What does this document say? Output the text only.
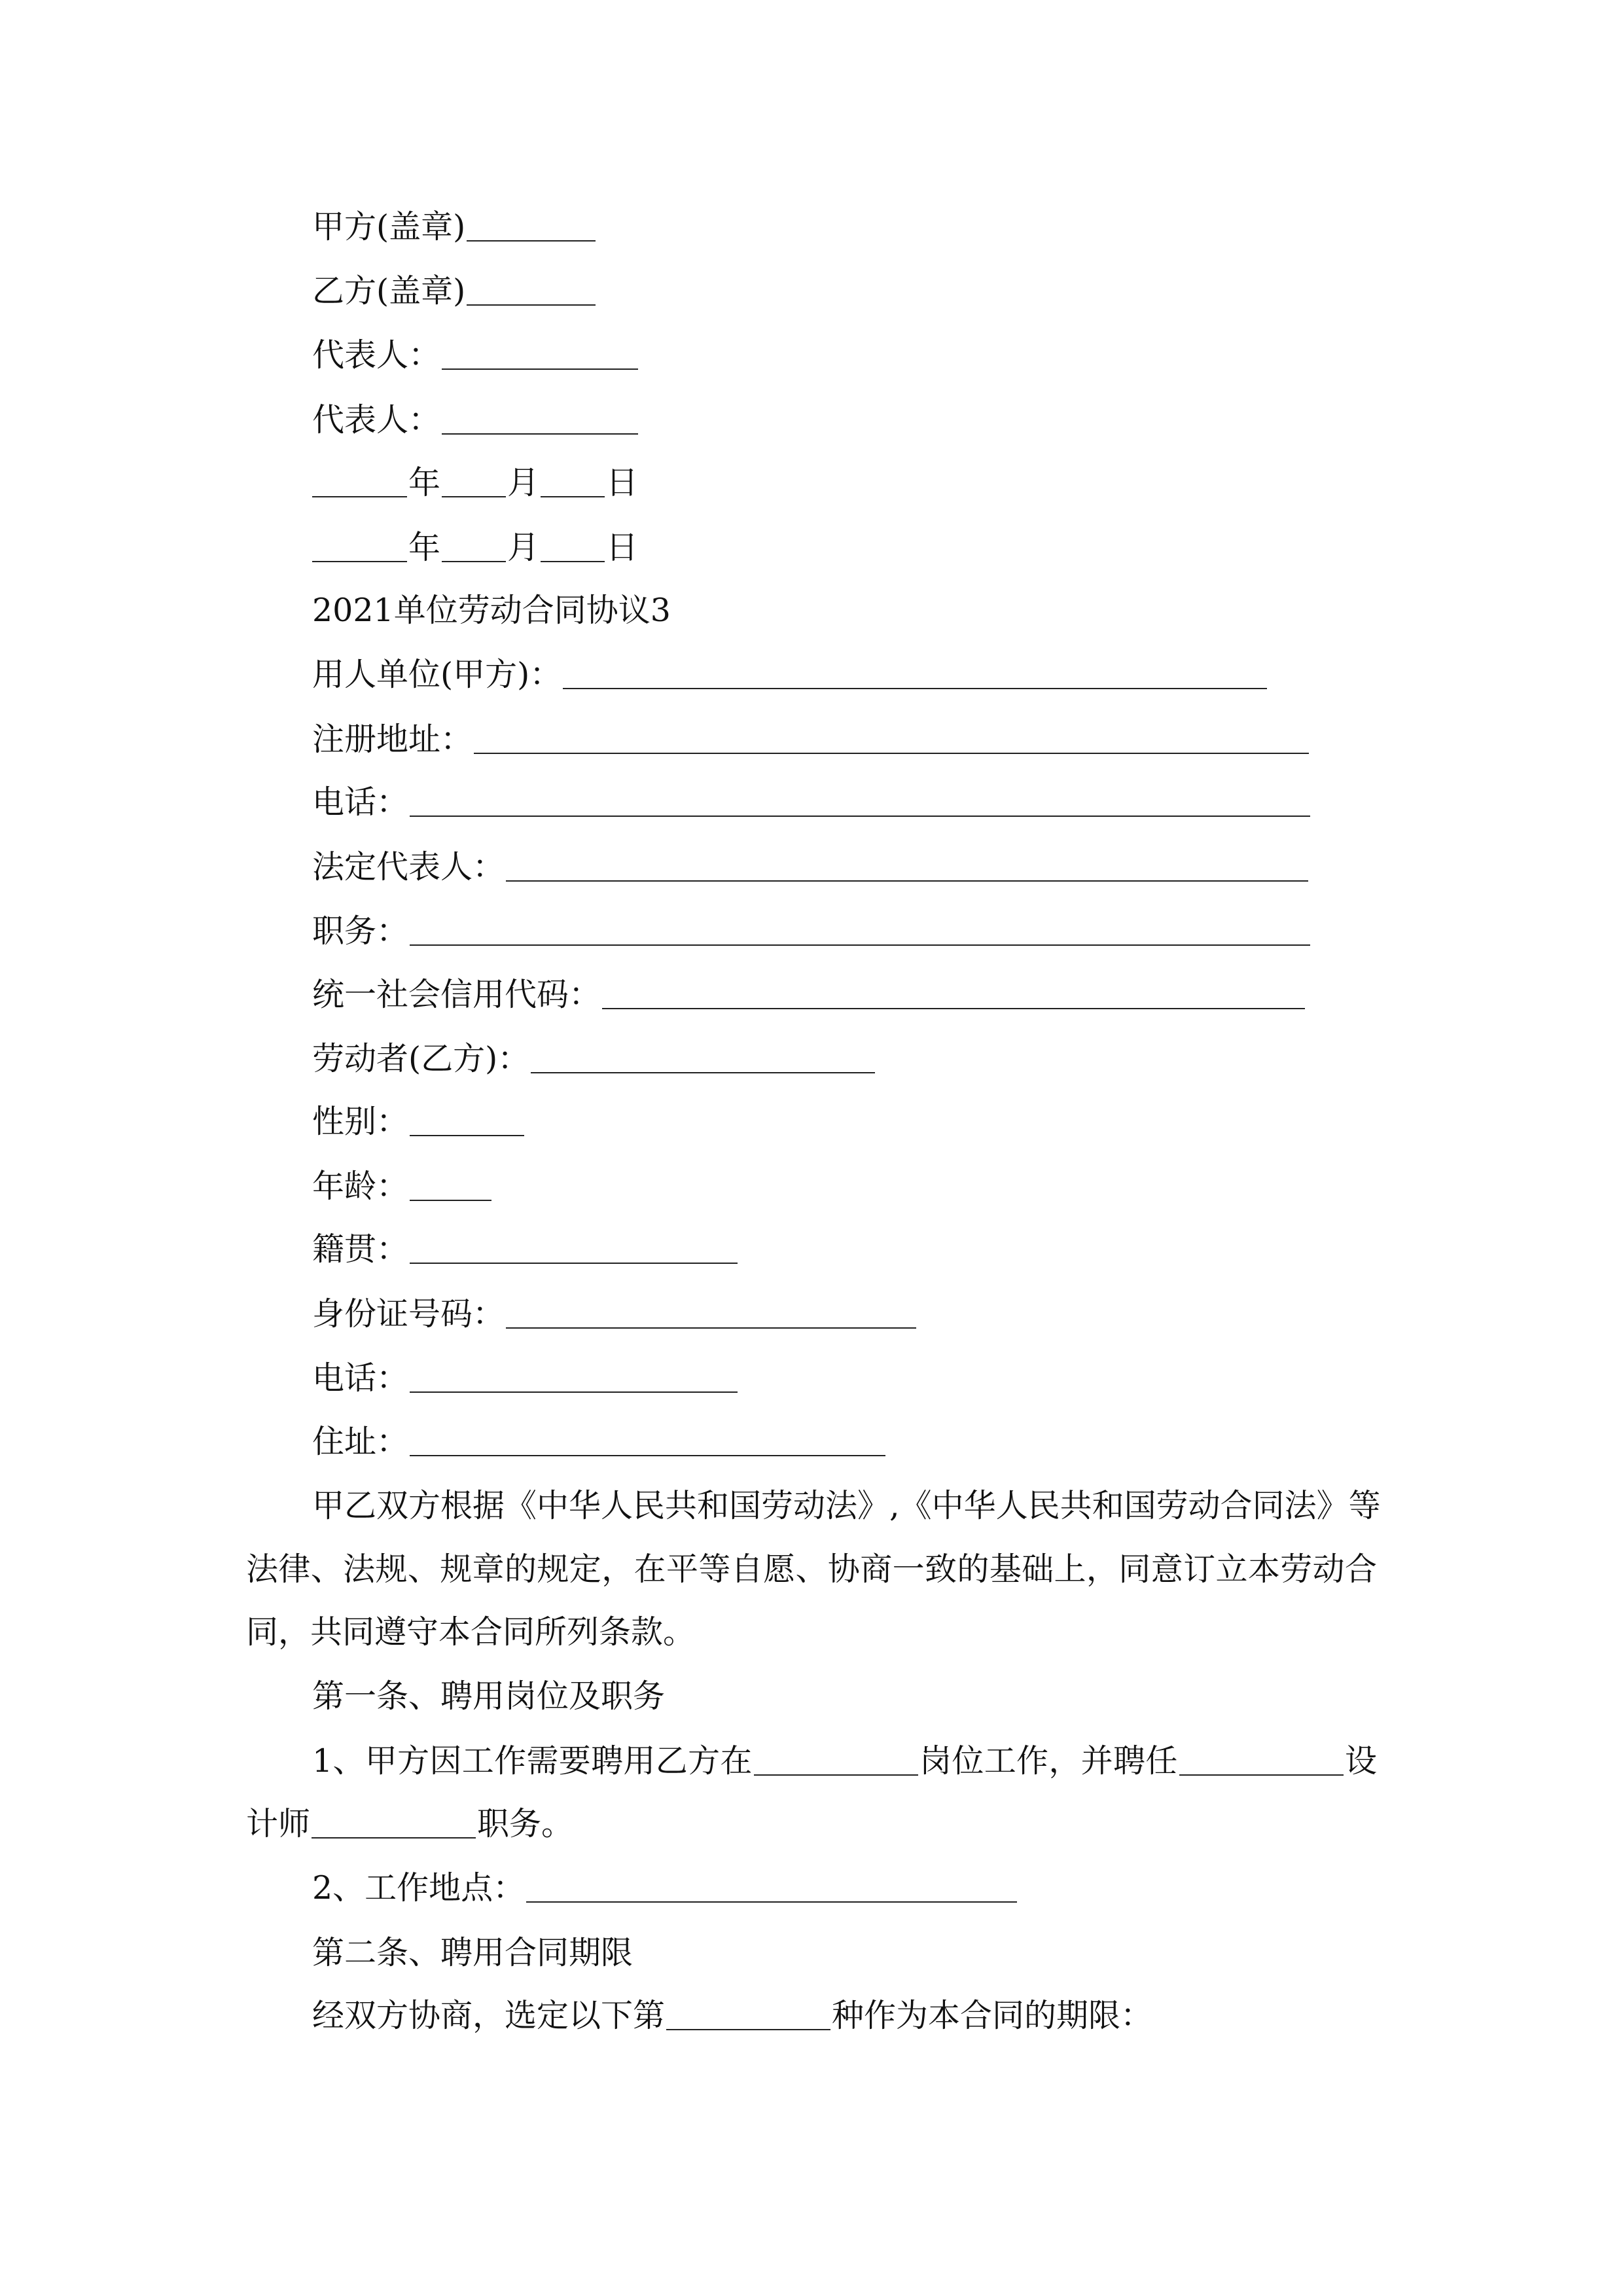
甲方(盖章)
乙方(盖章)
代表人：
代表人：
年 月 日
年 月 日
2021单位劳动合同协议3
用人单位(甲方)：
注册地址：
电话：
法定代表人：
职务：
统一社会信用代码：
劳动者(乙方)：
性别：
年龄：
籍贯：
身份证号码：
电话：
住址：
甲乙双方根据《中华人民共和国劳动法》,《中华人民共和国劳动合同法》等
法律、法规、规章的规定，在平等自愿、协商一致的基础上，同意订立本劳动合
同，共同遵守本合同所列条款。
第一条、聘用岗位及职务
1、甲方因工作需要聘用乙方在	岗位工作，并聘任	设
计师	职务。
2、工作地点：
第二条、聘用合同期限
经双方协商，选定以下第	种作为本合同的期限：
